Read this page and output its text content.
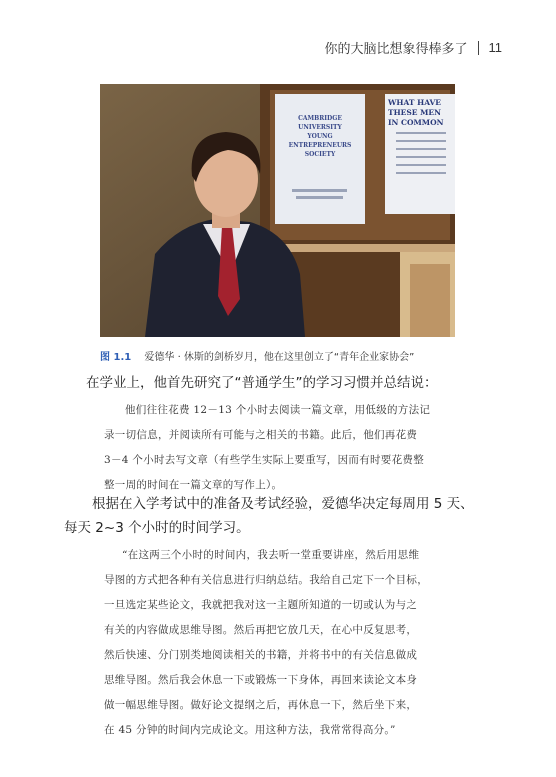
你的大脑比想象得棒多了 11
CAMBRIDGE
UNIVERSITY
YOUNG
ENTREPRENEURS
SOCIETY
WHAT HAVE
THESE MEN
IN COMMON
图 1.1 爱德华 · 休斯的剑桥岁月，他在这里创立了“青年企业家协会”
在学业上，他首先研究了“普通学生”的学习习惯并总结说：
他们往往花费 12－13 个小时去阅读一篇文章，用低级的方法记
录一切信息，并阅读所有可能与之相关的书籍。此后，他们再花费
3－4 个小时去写文章（有些学生实际上要重写，因而有时要花费整
整一周的时间在一篇文章的写作上）。
根据在入学考试中的准备及考试经验，爱德华决定每周用 5 天、
每天 2~3 个小时的时间学习。
“在这两三个小时的时间内，我去听一堂重要讲座，然后用思维
导图的方式把各种有关信息进行归纳总结。我给自己定下一个目标，
一旦选定某些论文，我就把我对这一主题所知道的一切或认为与之
有关的内容做成思维导图。然后再把它放几天，在心中反复思考，
然后快速、分门别类地阅读相关的书籍，并将书中的有关信息做成
思维导图。然后我会休息一下或锻炼一下身体，再回来读论文本身
做一幅思维导图。做好论文提纲之后，再休息一下，然后坐下来，
在 45 分钟的时间内完成论文。用这种方法，我常常得高分。”
